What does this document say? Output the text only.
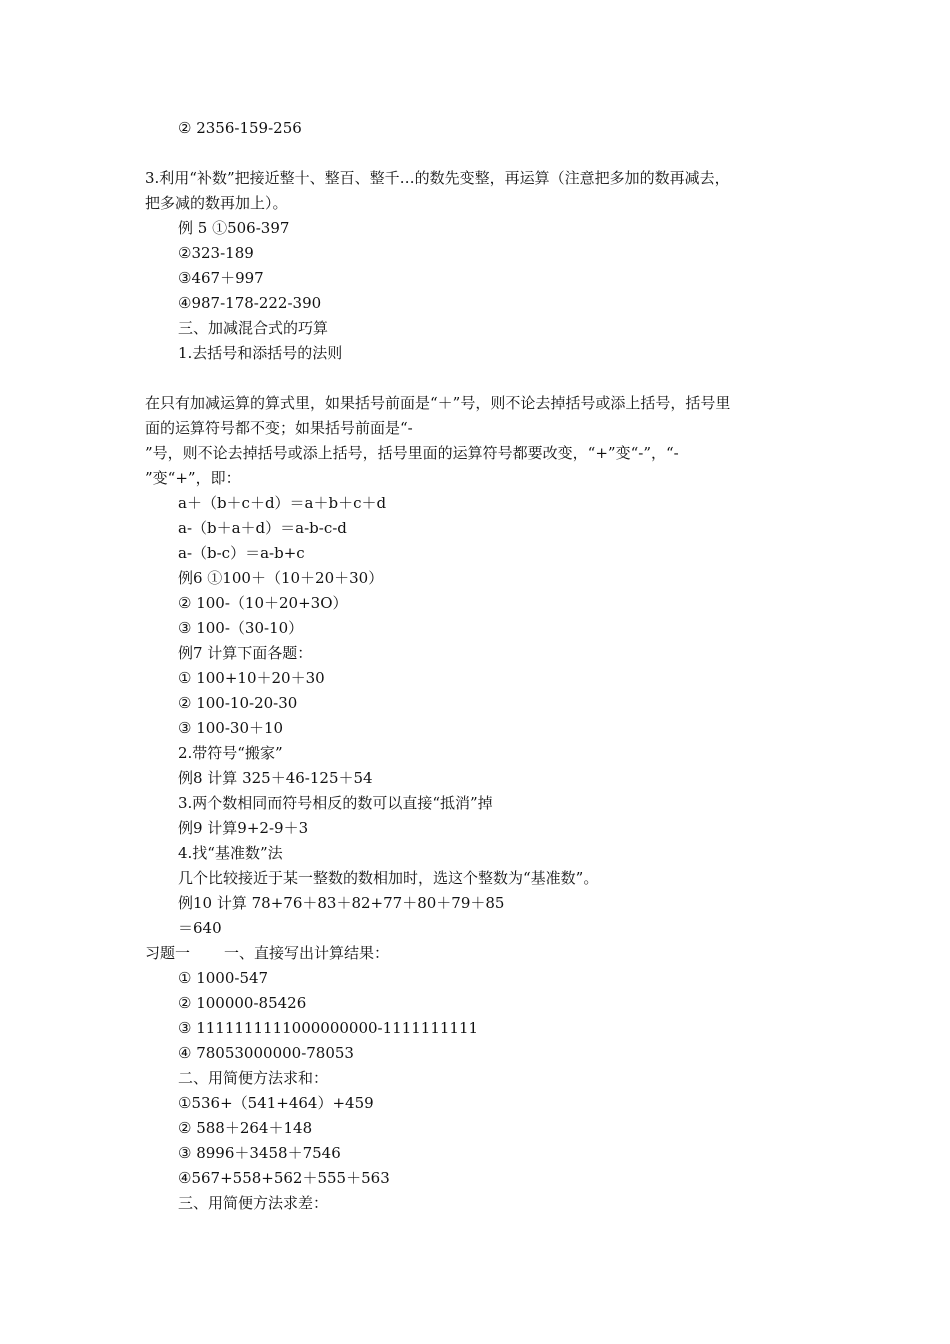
② 2356-159-256
3.利用“补数”把接近整十、整百、整千…的数先变整，再运算（注意把多加的数再减去，
把多减的数再加上）。
例 5 ①506-397
②323-189
③467＋997
④987-178-222-390
三、加减混合式的巧算
1.去括号和添括号的法则
在只有加减运算的算式里，如果括号前面是“＋”号，则不论去掉括号或添上括号，括号里
面的运算符号都不变；如果括号前面是“-
”号，则不论去掉括号或添上括号，括号里面的运算符号都要改变，“+”变“-”，“-
”变“+”，即：
a＋（b＋c＋d）＝a＋b＋c＋d
a-（b＋a＋d）＝a-b-c-d
a-（b-c）＝a-b+c
例6 ①100＋（10＋20＋30）
② 100-（10＋20+3O）
③ 100-（30-10）
例7 计算下面各题：
① 100+10＋20＋30
② 100-10-20-30
③ 100-30＋10
2.带符号“搬家”
例8 计算 325＋46-125＋54
3.两个数相同而符号相反的数可以直接“抵消”掉
例9 计算9+2-9＋3
4.找“基准数”法
几个比较接近于某一整数的数相加时，选这个整数为“基准数”。
例10 计算 78+76＋83＋82+77＋80＋79＋85
＝640
习题一 一、直接写出计算结果：
① 1000-547
② 100000-85426
③ 1111111111000000000-1111111111
④ 78053000000-78053
二、用简便方法求和：
①536+（541+464）+459
② 588＋264＋148
③ 8996＋3458＋7546
④567+558+562＋555＋563
三、用简便方法求差：
